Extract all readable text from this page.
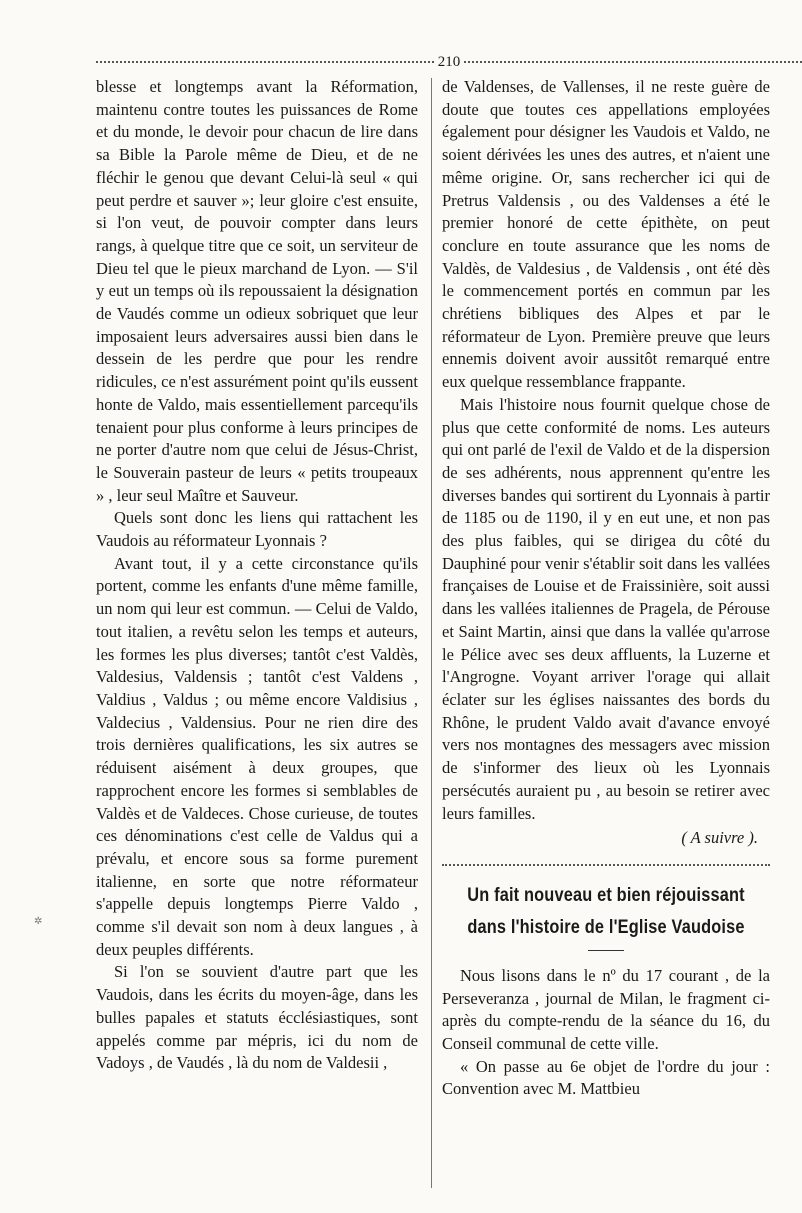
210

blesse et longtemps avant la Réformation, maintenu contre toutes les puissances de Rome et du monde, le devoir pour chacun de lire dans sa Bible la Parole même de Dieu, et de ne fléchir le genou que devant Celui-là seul « qui peut perdre et sauver »; leur gloire c'est ensuite, si l'on veut, de pouvoir compter dans leurs rangs, à quelque titre que ce soit, un serviteur de Dieu tel que le pieux marchand de Lyon. — S'il y eut un temps où ils repoussaient la désignation de Vaudés comme un odieux sobriquet que leur imposaient leurs adversaires aussi bien dans le dessein de les perdre que pour les rendre ridicules, ce n'est assurément point qu'ils eussent honte de Valdo, mais essentiellement parcequ'ils tenaient pour plus conforme à leurs principes de ne porter d'autre nom que celui de Jésus-Christ, le Souverain pasteur de leurs « petits troupeaux » , leur seul Maître et Sauveur.

Quels sont donc les liens qui rattachent les Vaudois au réformateur Lyonnais ?

Avant tout, il y a cette circonstance qu'ils portent, comme les enfants d'une même famille, un nom qui leur est commun. — Celui de Valdo, tout italien, a revêtu selon les temps et auteurs, les formes les plus diverses; tantôt c'est Valdès, Valdesius, Valdensis ; tantôt c'est Valdens , Valdius , Valdus ; ou même encore Valdisius , Valdecius , Valdensius. Pour ne rien dire des trois dernières qualifications, les six autres se réduisent aisément à deux groupes, que rapprochent encore les formes si semblables de Valdès et de Valdeces. Chose curieuse, de toutes ces dénominations c'est celle de Valdus qui a prévalu, et encore sous sa forme purement italienne, en sorte que notre réformateur s'appelle depuis longtemps Pierre Valdo , comme s'il devait son nom à deux langues , à deux peuples différents.

Si l'on se souvient d'autre part que les Vaudois, dans les écrits du moyen-âge, dans les bulles papales et statuts écclésiastiques, sont appelés comme par mépris, ici du nom de Vadoys , de Vaudés , là du nom de Valdesii ,

de Valdenses, de Vallenses, il ne reste guère de doute que toutes ces appellations employées également pour désigner les Vaudois et Valdo, ne soient dérivées les unes des autres, et n'aient une même origine. Or, sans rechercher ici qui de Pretrus Valdensis , ou des Valdenses a été le premier honoré de cette épithète, on peut conclure en toute assurance que les noms de Valdès, de Valdesius , de Valdensis , ont été dès le commencement portés en commun par les chrétiens bibliques des Alpes et par le réformateur de Lyon. Première preuve que leurs ennemis doivent avoir aussitôt remarqué entre eux quelque ressemblance frappante.

Mais l'histoire nous fournit quelque chose de plus que cette conformité de noms. Les auteurs qui ont parlé de l'exil de Valdo et de la dispersion de ses adhérents, nous apprennent qu'entre les diverses bandes qui sortirent du Lyonnais à partir de 1185 ou de 1190, il y en eut une, et non pas des plus faibles, qui se dirigea du côté du Dauphiné pour venir s'établir soit dans les vallées françaises de Louise et de Fraissinière, soit aussi dans les vallées italiennes de Pragela, de Pérouse et Saint Martin, ainsi que dans la vallée qu'arrose le Pélice avec ses deux affluents, la Luzerne et l'Angrogne. Voyant arriver l'orage qui allait éclater sur les églises naissantes des bords du Rhône, le prudent Valdo avait d'avance envoyé vers nos montagnes des messagers avec mission de s'informer des lieux où les Lyonnais persécutés auraient pu , au besoin se retirer avec leurs familles.

( A suivre ).
Un fait nouveau et bien réjouissant
dans l'histoire de l'Eglise Vaudoise

Nous lisons dans le nº du 17 courant , de la Perseveranza , journal de Milan, le fragment ci-après du compte-rendu de la séance du 16, du Conseil communal de cette ville.

« On passe au 6e objet de l'ordre du jour : Convention avec M. Mattbieu

✲
